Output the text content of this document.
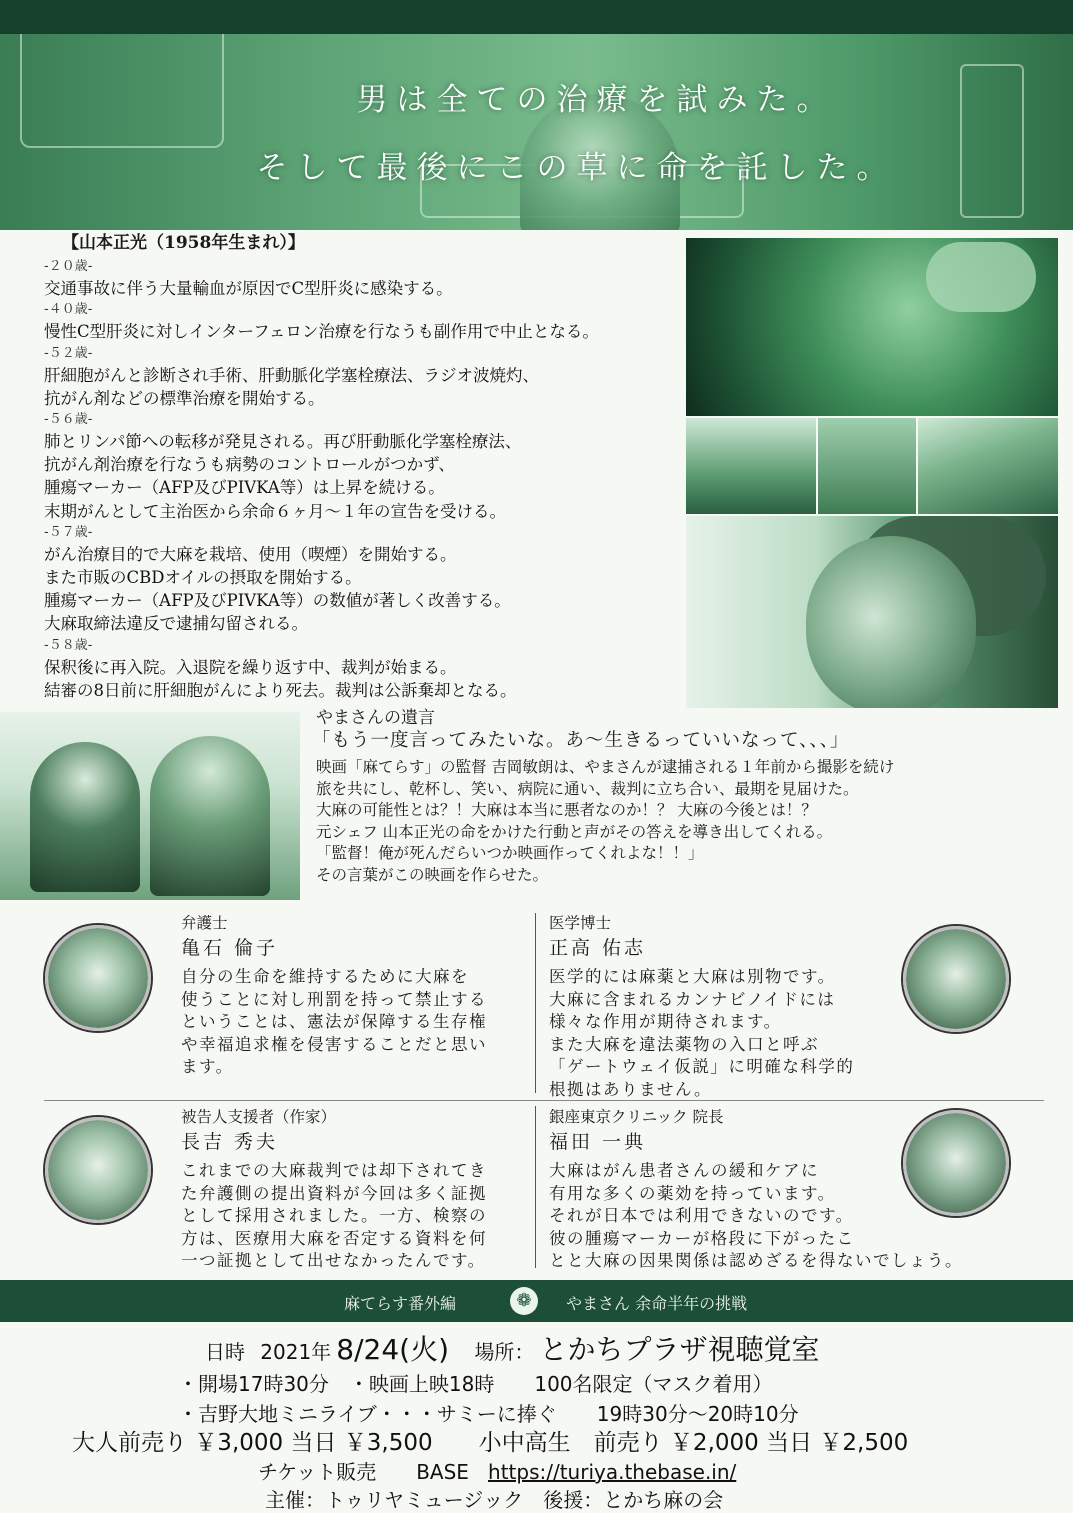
男は全ての治療を試みた。
そして最後にこの草に命を託した。
【山本正光（1958年生まれ）】
-２０歳-
交通事故に伴う大量輸血が原因でC型肝炎に感染する。
-４０歳-
慢性C型肝炎に対しインターフェロン治療を行なうも副作用で中止となる。
-５２歳-
肝細胞がんと診断され手術、肝動脈化学塞栓療法、ラジオ波焼灼、
抗がん剤などの標準治療を開始する。
-５６歳-
肺とリンパ節への転移が発見される。再び肝動脈化学塞栓療法、
抗がん剤治療を行なうも病勢のコントロールがつかず、
腫瘍マーカー（AFP及びPIVKA等）は上昇を続ける。
末期がんとして主治医から余命６ヶ月〜１年の宣告を受ける。
-５７歳-
がん治療目的で大麻を栽培、使用（喫煙）を開始する。
また市販のCBDオイルの摂取を開始する。
腫瘍マーカー（AFP及びPIVKA等）の数値が著しく改善する。
大麻取締法違反で逮捕勾留される。
-５８歳-
保釈後に再入院。入退院を繰り返す中、裁判が始まる。
結審の8日前に肝細胞がんにより死去。裁判は公訴棄却となる。
やまさんの遺言
「もう一度言ってみたいな。あ〜生きるっていいなって、、、」
映画「麻てらす」の監督 吉岡敏朗は、やまさんが逮捕される１年前から撮影を続け
旅を共にし、乾杯し、笑い、病院に通い、裁判に立ち合い、最期を見届けた。
大麻の可能性とは？！大麻は本当に悪者なのか！？ 大麻の今後とは！？
元シェフ 山本正光の命をかけた行動と声がその答えを導き出してくれる。
「監督！俺が死んだらいつか映画作ってくれよな！！」
その言葉がこの映画を作らせた。
弁護士
亀石 倫子
自分の生命を維持するために大麻を
使うことに対し刑罰を持って禁止する
ということは、憲法が保障する生存権
や幸福追求権を侵害することだと思い
ます。
医学博士
正高 佑志
医学的には麻薬と大麻は別物です。
大麻に含まれるカンナビノイドには
様々な作用が期待されます。
また大麻を違法薬物の入口と呼ぶ
「ゲートウェイ仮説」に明確な科学的
根拠はありません。
被告人支援者（作家）
長吉 秀夫
これまでの大麻裁判では却下されてき
た弁護側の提出資料が今回は多く証拠
として採用されました。一方、検察の
方は、医療用大麻を否定する資料を何
一つ証拠として出せなかったんです。
銀座東京クリニック 院長
福田 一典
大麻はがん患者さんの緩和ケアに
有用な多くの薬効を持っています。
それが日本では利用できないのです。
彼の腫瘍マーカーが格段に下がったこ
とと大麻の因果関係は認めざるを得ないでしょう。
麻てらす番外編	❁	やまさん 余命半年の挑戦
日時 2021年 8/24(火) 場所： とかちプラザ視聴覚室
・開場17時30分　・映画上映18時　　100名限定（マスク着用）
・吉野大地ミニライブ・・・サミーに捧ぐ　　19時30分〜20時10分
大人前売り ￥3,000 当日 ￥3,500　　小中高生　前売り ￥2,000 当日 ￥2,500
チケット販売　　BASE https://turiya.thebase.in/
主催：トゥリヤミュージック　後援：とかち麻の会
